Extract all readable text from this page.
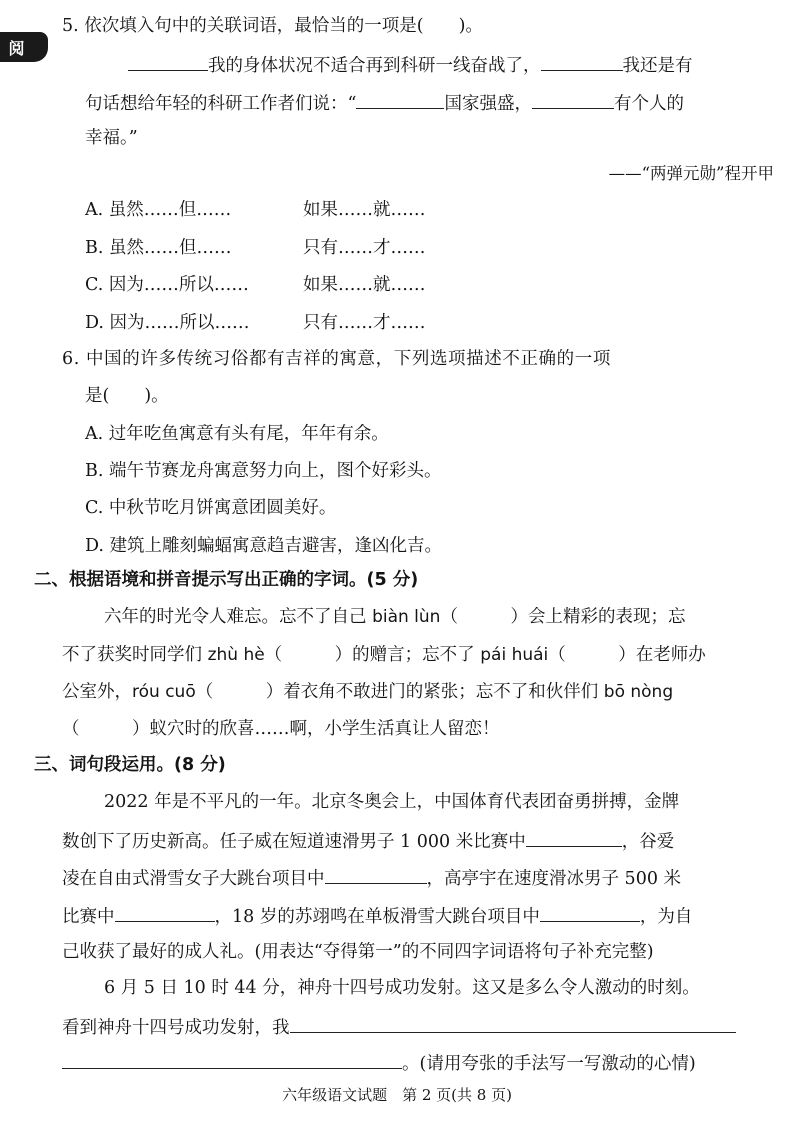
阅
5. 依次填入句中的关联词语，最恰当的一项是(　　)。
我的身体状况不适合再到科研一线奋战了，	我还是有
句话想给年轻的科研工作者们说：“	国家强盛，	有个人的
幸福。”
——“两弹元勋”程开甲
A. 虽然……但……	如果……就……
B. 虽然……但……	只有……才……
C. 因为……所以……	如果……就……
D. 因为……所以……	只有……才……
6. 中国的许多传统习俗都有吉祥的寓意，下列选项描述不正确的一项
是(　　)。
A. 过年吃鱼寓意有头有尾，年年有余。
B. 端午节赛龙舟寓意努力向上，图个好彩头。
C. 中秋节吃月饼寓意团圆美好。
D. 建筑上雕刻蝙蝠寓意趋吉避害，逢凶化吉。
二、根据语境和拼音提示写出正确的字词。(5 分)
六年的时光令人难忘。忘不了自己 biàn lùn（　　　）会上精彩的表现；忘
不了获奖时同学们 zhù hè（　　　）的赠言；忘不了 pái huái（　　　）在老师办
公室外，róu cuō（　　　）着衣角不敢进门的紧张；忘不了和伙伴们 bō nòng
（　　　）蚁穴时的欣喜……啊，小学生活真让人留恋！
三、词句段运用。(8 分)
2022 年是不平凡的一年。北京冬奥会上，中国体育代表团奋勇拼搏，金牌
数创下了历史新高。任子威在短道速滑男子 1 000 米比赛中	，谷爱
凌在自由式滑雪女子大跳台项目中	，高亭宇在速度滑冰男子 500 米
比赛中	，18 岁的苏翊鸣在单板滑雪大跳台项目中	，为自
己收获了最好的成人礼。(用表达“夺得第一”的不同四字词语将句子补充完整)
6 月 5 日 10 时 44 分，神舟十四号成功发射。这又是多么令人激动的时刻。
看到神舟十四号成功发射，我
。(请用夸张的手法写一写激动的心情)
六年级语文试题　第 2 页(共 8 页)
